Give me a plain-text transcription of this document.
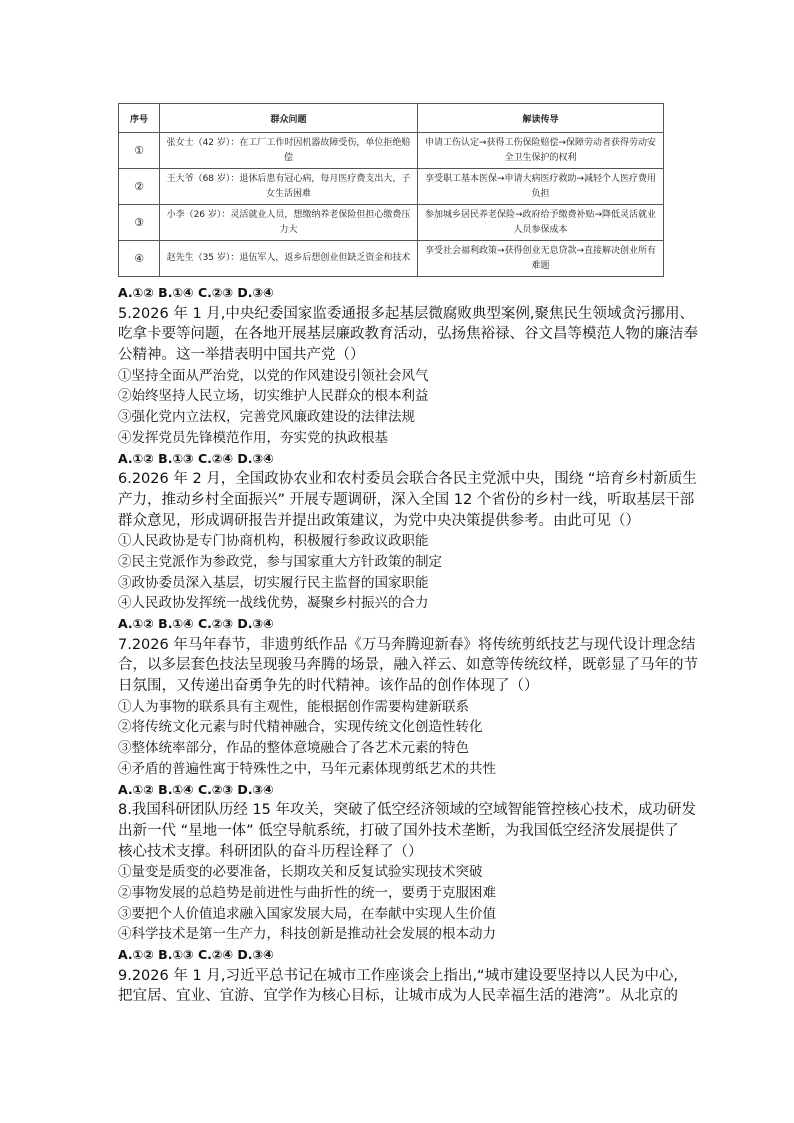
序号	群众问题	解读传导
①	张女士（42 岁）：在工厂工作时因机器故障受伤，单位拒绝赔偿	申请工伤认定→获得工伤保险赔偿→保障劳动者获得劳动安全卫生保护的权利
②	王大爷（68 岁）：退休后患有冠心病，每月医疗费支出大，子女生活困难	享受职工基本医保→申请大病医疗救助→减轻个人医疗费用负担
③	小李（26 岁）：灵活就业人员，想缴纳养老保险但担心缴费压力大	参加城乡居民养老保险→政府给予缴费补贴→降低灵活就业人员参保成本
④	赵先生（35 岁）：退伍军人，返乡后想创业但缺乏资金和技术	享受社会福利政策→获得创业无息贷款→直接解决创业所有难题
A.①② B.①④ C.②③ D.③④
5.2026 年 1 月,中央纪委国家监委通报多起基层微腐败典型案例,聚焦民生领域贪污挪用、
吃拿卡要等问题，在各地开展基层廉政教育活动，弘扬焦裕禄、谷文昌等模范人物的廉洁奉
公精神。这一举措表明中国共产党（）
①坚持全面从严治党，以党的作风建设引领社会风气
②始终坚持人民立场，切实维护人民群众的根本利益
③强化党内立法权，完善党风廉政建设的法律法规
④发挥党员先锋模范作用，夯实党的执政根基
A.①② B.①③ C.②④ D.③④
6.2026 年 2 月，全国政协农业和农村委员会联合各民主党派中央，围绕 “培育乡村新质生
产力，推动乡村全面振兴” 开展专题调研，深入全国 12 个省份的乡村一线，听取基层干部
群众意见，形成调研报告并提出政策建议，为党中央决策提供参考。由此可见（）
①人民政协是专门协商机构，积极履行参政议政职能
②民主党派作为参政党，参与国家重大方针政策的制定
③政协委员深入基层，切实履行民主监督的国家职能
④人民政协发挥统一战线优势，凝聚乡村振兴的合力
A.①② B.①④ C.②③ D.③④
7.2026 年马年春节，非遗剪纸作品《万马奔腾迎新春》将传统剪纸技艺与现代设计理念结
合，以多层套色技法呈现骏马奔腾的场景，融入祥云、如意等传统纹样，既彰显了马年的节
日氛围，又传递出奋勇争先的时代精神。该作品的创作体现了（）
①人为事物的联系具有主观性，能根据创作需要构建新联系
②将传统文化元素与时代精神融合，实现传统文化创造性转化
③整体统率部分，作品的整体意境融合了各艺术元素的特色
④矛盾的普遍性寓于特殊性之中，马年元素体现剪纸艺术的共性
A.①② B.①④ C.②③ D.③④
8.我国科研团队历经 15 年攻关，突破了低空经济领域的空域智能管控核心技术，成功研发
出新一代 “星地一体” 低空导航系统，打破了国外技术垄断，为我国低空经济发展提供了
核心技术支撑。科研团队的奋斗历程诠释了（）
①量变是质变的必要准备，长期攻关和反复试验实现技术突破
②事物发展的总趋势是前进性与曲折性的统一，要勇于克服困难
③要把个人价值追求融入国家发展大局，在奉献中实现人生价值
④科学技术是第一生产力，科技创新是推动社会发展的根本动力
A.①② B.①③ C.②④ D.③④
9.2026 年 1 月,习近平总书记在城市工作座谈会上指出,“城市建设要坚持以人民为中心,
把宜居、宜业、宜游、宜学作为核心目标，让城市成为人民幸福生活的港湾”。从北京的
